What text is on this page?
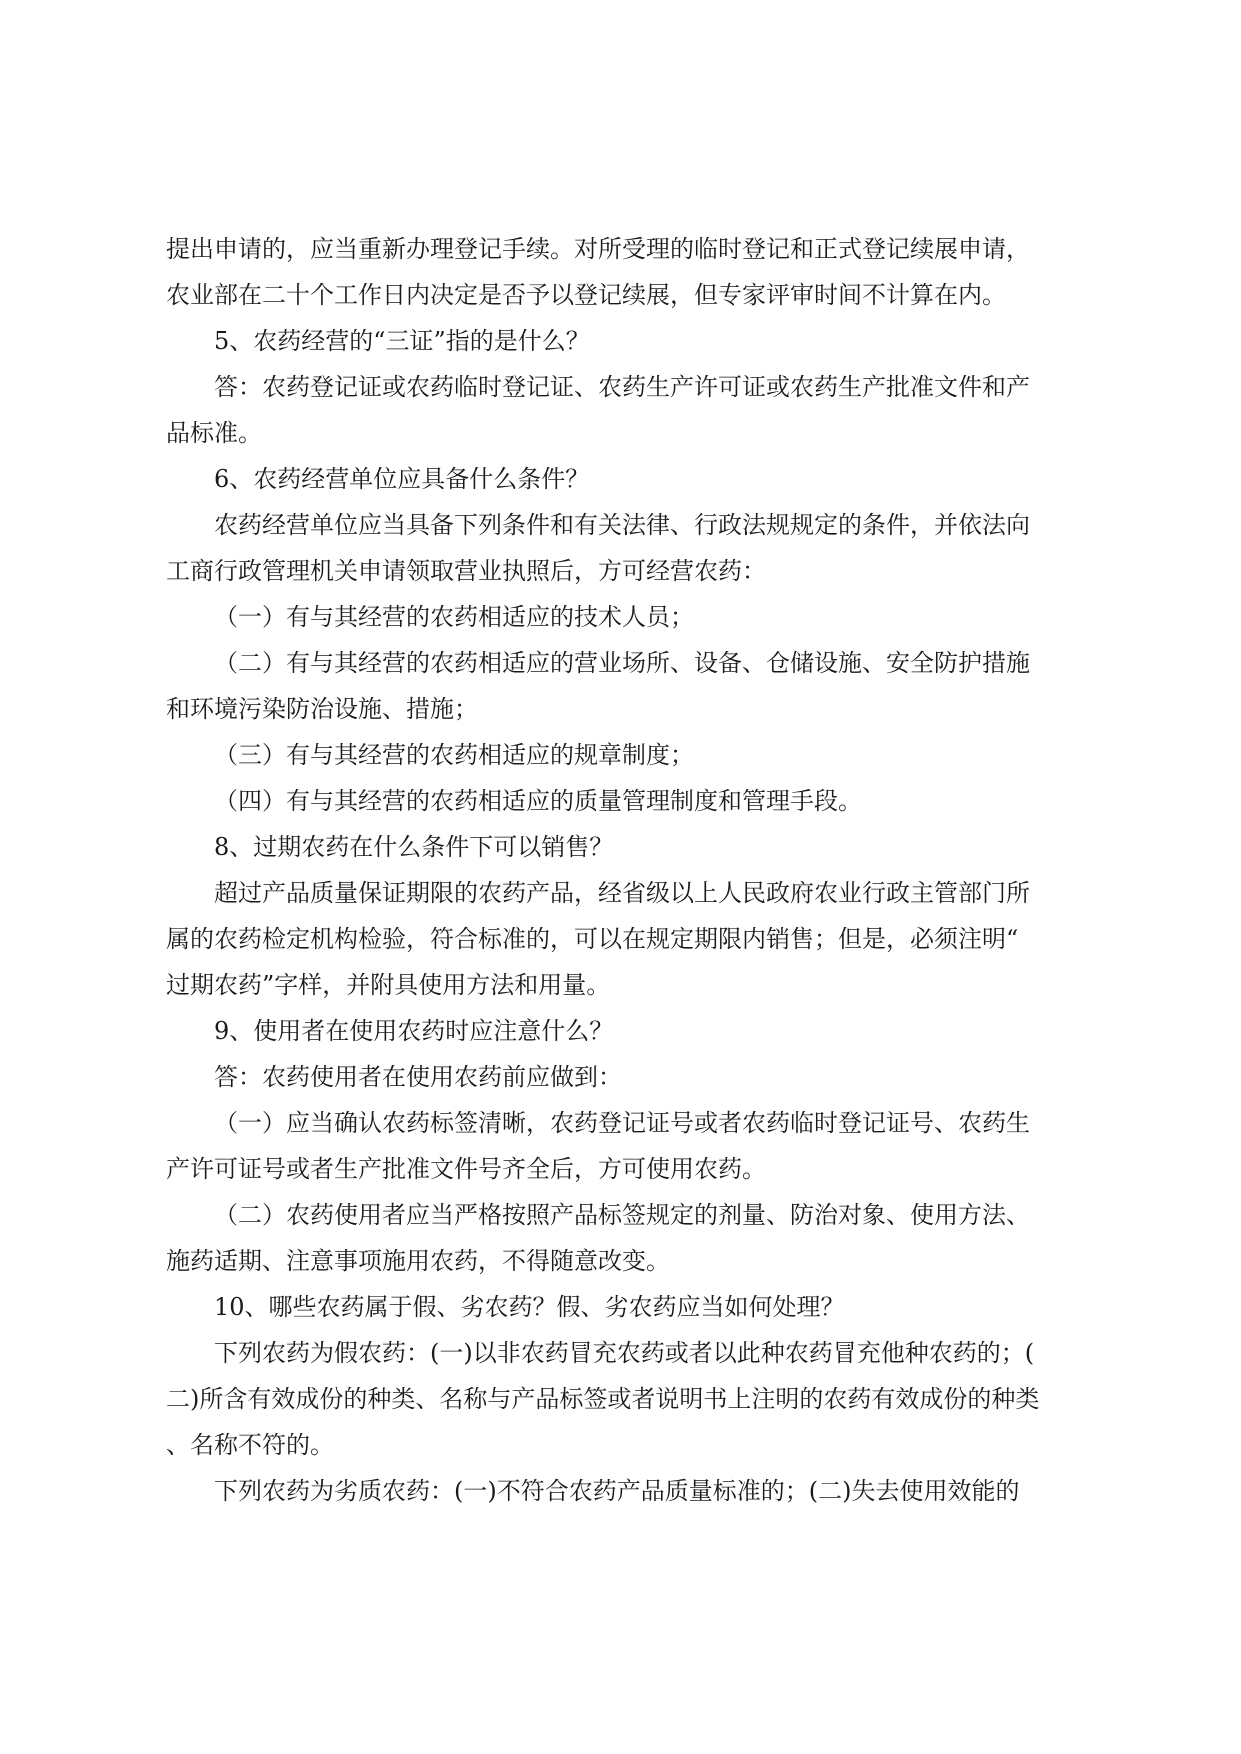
提出申请的，应当重新办理登记手续。对所受理的临时登记和正式登记续展申请，

农业部在二十个工作日内决定是否予以登记续展，但专家评审时间不计算在内。

5、农药经营的“三证”指的是什么？

答：农药登记证或农药临时登记证、农药生产许可证或农药生产批准文件和产

品标准。

6、农药经营单位应具备什么条件？

农药经营单位应当具备下列条件和有关法律、行政法规规定的条件，并依法向

工商行政管理机关申请领取营业执照后，方可经营农药：

（一）有与其经营的农药相适应的技术人员；

（二）有与其经营的农药相适应的营业场所、设备、仓储设施、安全防护措施

和环境污染防治设施、措施；

（三）有与其经营的农药相适应的规章制度；

（四）有与其经营的农药相适应的质量管理制度和管理手段。

8、过期农药在什么条件下可以销售？

超过产品质量保证期限的农药产品，经省级以上人民政府农业行政主管部门所

属的农药检定机构检验，符合标准的，可以在规定期限内销售；但是，必须注明“

过期农药”字样，并附具使用方法和用量。

9、使用者在使用农药时应注意什么？

答：农药使用者在使用农药前应做到：

（一）应当确认农药标签清晰，农药登记证号或者农药临时登记证号、农药生

产许可证号或者生产批准文件号齐全后，方可使用农药。

（二）农药使用者应当严格按照产品标签规定的剂量、防治对象、使用方法、

施药适期、注意事项施用农药，不得随意改变。

10、哪些农药属于假、劣农药？假、劣农药应当如何处理？

下列农药为假农药：(一)以非农药冒充农药或者以此种农药冒充他种农药的；(

二)所含有效成份的种类、名称与产品标签或者说明书上注明的农药有效成份的种类

、名称不符的。

下列农药为劣质农药：(一)不符合农药产品质量标准的；(二)失去使用效能的
